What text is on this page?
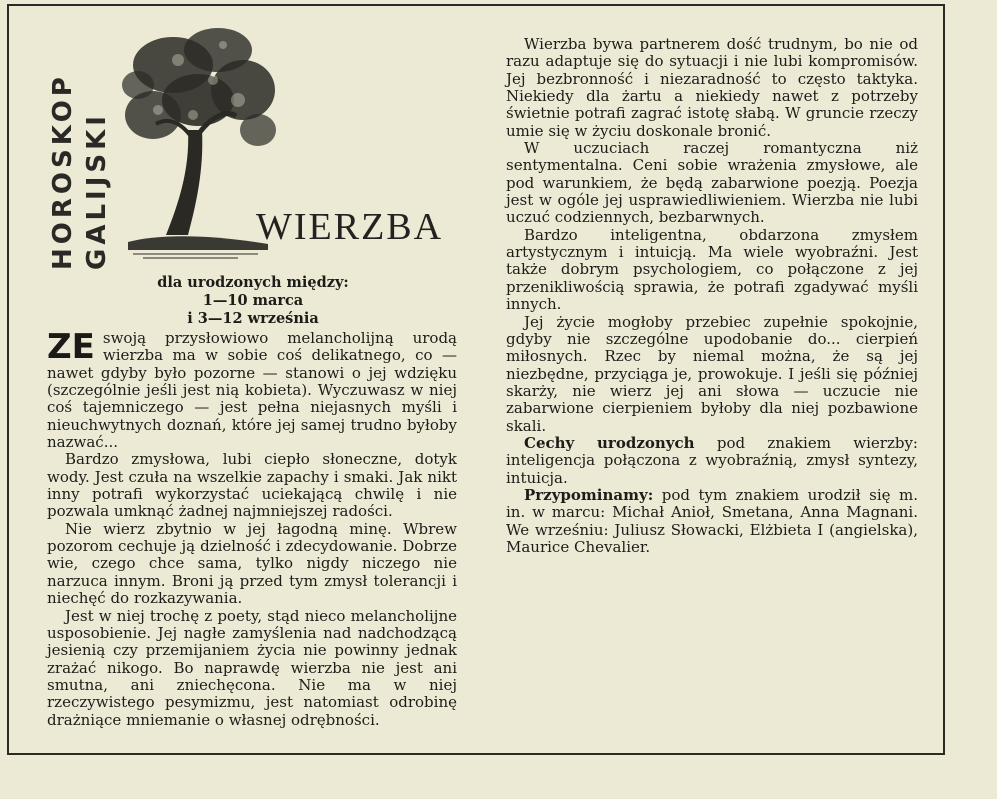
HOROSKOP GALIJSKI	WIERZBA
dla urodzonych między:
1—10 marca
i 3—12 września

ZE swoją przysłowiowo melancholijną urodą wierzba ma w sobie coś delikatnego, co — nawet gdyby było pozorne — stanowi o jej wdzięku (szczególnie jeśli jest nią kobieta). Wyczuwasz w niej coś tajemniczego — jest pełna niejasnych myśli i nieuchwytnych doznań, które jej samej trudno byłoby nazwać...

Bardzo zmysłowa, lubi ciepło słoneczne, dotyk wody. Jest czuła na wszelkie zapachy i smaki. Jak nikt inny potrafi wykorzystać uciekającą chwilę i nie pozwala umknąć żadnej najmniejszej radości.

Nie wierz zbytnio w jej łagodną minę. Wbrew pozorom cechuje ją dzielność i zdecydowanie. Dobrze wie, czego chce sama, tylko nigdy niczego nie narzuca innym. Broni ją przed tym zmysł tolerancji i niechęć do rozkazywania.

Jest w niej trochę z poety, stąd nieco melancholijne usposobienie. Jej nagłe zamyślenia nad nadchodzącą jesienią czy przemijaniem życia nie powinny jednak zrażać nikogo. Bo naprawdę wierzba nie jest ani smutna, ani zniechęcona. Nie ma w niej rzeczywistego pesymizmu, jest natomiast odrobinę drażniące mniemanie o własnej odrębności.

Wierzba bywa partnerem dość trudnym, bo nie od razu adaptuje się do sytuacji i nie lubi kompromisów. Jej bezbronność i niezaradność to często taktyka. Niekiedy dla żartu a niekiedy nawet z potrzeby świetnie potrafi zagrać istotę słabą. W gruncie rzeczy umie się w życiu doskonale bronić.

W uczuciach raczej romantyczna niż sentymentalna. Ceni sobie wrażenia zmysłowe, ale pod warunkiem, że będą zabarwione poezją. Poezja jest w ogóle jej usprawiedliwieniem. Wierzba nie lubi uczuć codziennych, bezbarwnych.

Bardzo inteligentna, obdarzona zmysłem artystycznym i intuicją. Ma wiele wyobraźni. Jest także dobrym psychologiem, co połączone z jej przenikliwością sprawia, że potrafi zgadywać myśli innych.

Jej życie mogłoby przebiec zupełnie spokojnie, gdyby nie szczególne upodobanie do... cierpień miłosnych. Rzec by niemal można, że są jej niezbędne, przyciąga je, prowokuje. I jeśli się później skarży, nie wierz jej ani słowa — uczucie nie zabarwione cierpieniem byłoby dla niej pozbawione skali.

Cechy urodzonych pod znakiem wierzby: inteligencja połączona z wyobraźnią, zmysł syntezy, intuicja.

Przypominamy: pod tym znakiem urodził się m. in. w marcu: Michał Anioł, Smetana, Anna Magnani. We wrześniu: Juliusz Słowacki, Elżbieta I (angielska), Maurice Chevalier.
